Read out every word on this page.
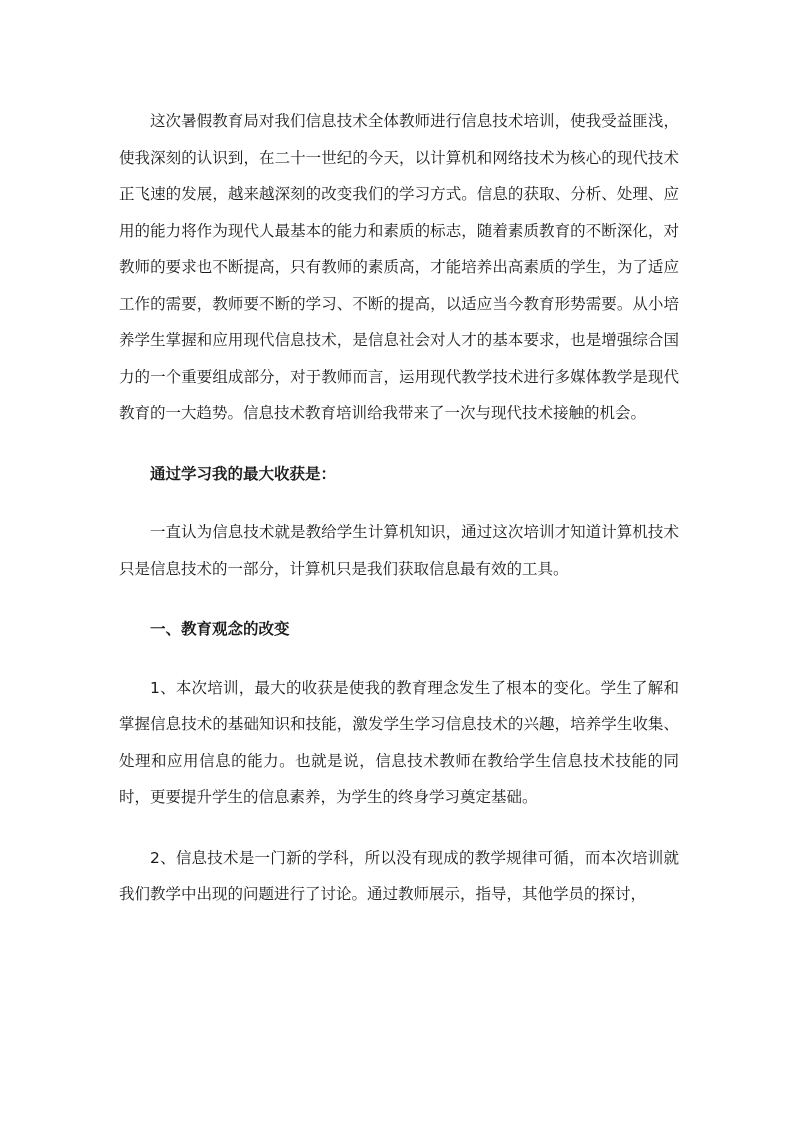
这次暑假教育局对我们信息技术全体教师进行信息技术培训，使我受益匪浅，使我深刻的认识到，在二十一世纪的今天，以计算机和网络技术为核心的现代技术正飞速的发展，越来越深刻的改变我们的学习方式。信息的获取、分析、处理、应用的能力将作为现代人最基本的能力和素质的标志，随着素质教育的不断深化，对教师的要求也不断提高，只有教师的素质高，才能培养出高素质的学生，为了适应工作的需要，教师要不断的学习、不断的提高，以适应当今教育形势需要。从小培养学生掌握和应用现代信息技术，是信息社会对人才的基本要求，也是增强综合国力的一个重要组成部分，对于教师而言，运用现代教学技术进行多媒体教学是现代教育的一大趋势。信息技术教育培训给我带来了一次与现代技术接触的机会。

通过学习我的最大收获是：

一直认为信息技术就是教给学生计算机知识，通过这次培训才知道计算机技术只是信息技术的一部分，计算机只是我们获取信息最有效的工具。

一、教育观念的改变

1、本次培训，最大的收获是使我的教育理念发生了根本的变化。学生了解和掌握信息技术的基础知识和技能，激发学生学习信息技术的兴趣，培养学生收集、处理和应用信息的能力。也就是说，信息技术教师在教给学生信息技术技能的同时，更要提升学生的信息素养，为学生的终身学习奠定基础。

2、信息技术是一门新的学科，所以没有现成的教学规律可循，而本次培训就我们教学中出现的问题进行了讨论。通过教师展示，指导，其他学员的探讨，
